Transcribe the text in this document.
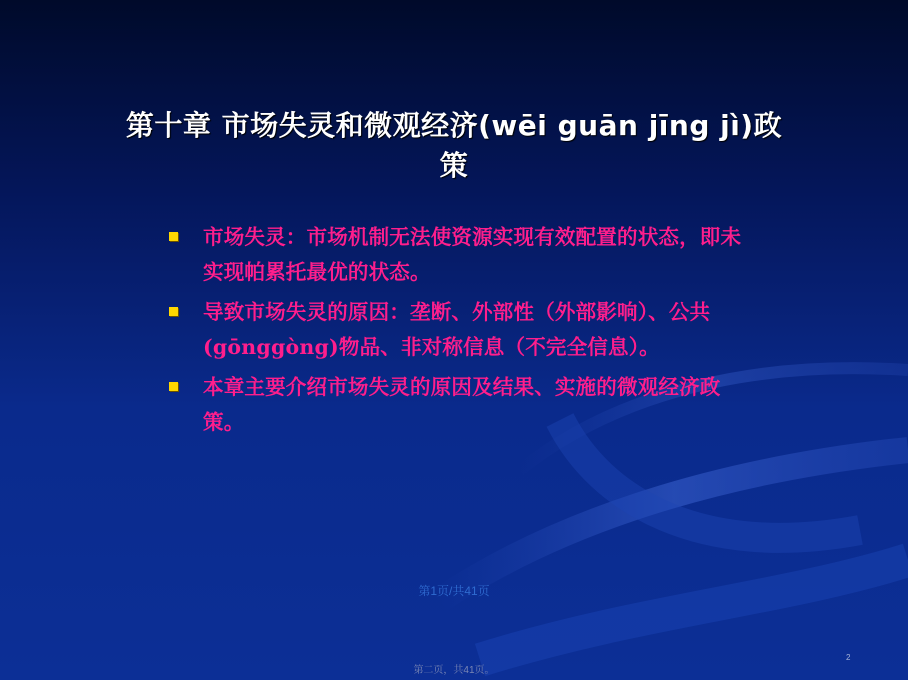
第十章 市场失灵和微观经济(wēi guān jīng jì)政策
市场失灵：市场机制无法使资源实现有效配置的状态，即未实现帕累托最优的状态。
导致市场失灵的原因：垄断、外部性（外部影响）、公共(gōnggòng)物品、非对称信息（不完全信息）。
本章主要介绍市场失灵的原因及结果、实施的微观经济政策。
第1页/共41页
第二页，共41页。
2
